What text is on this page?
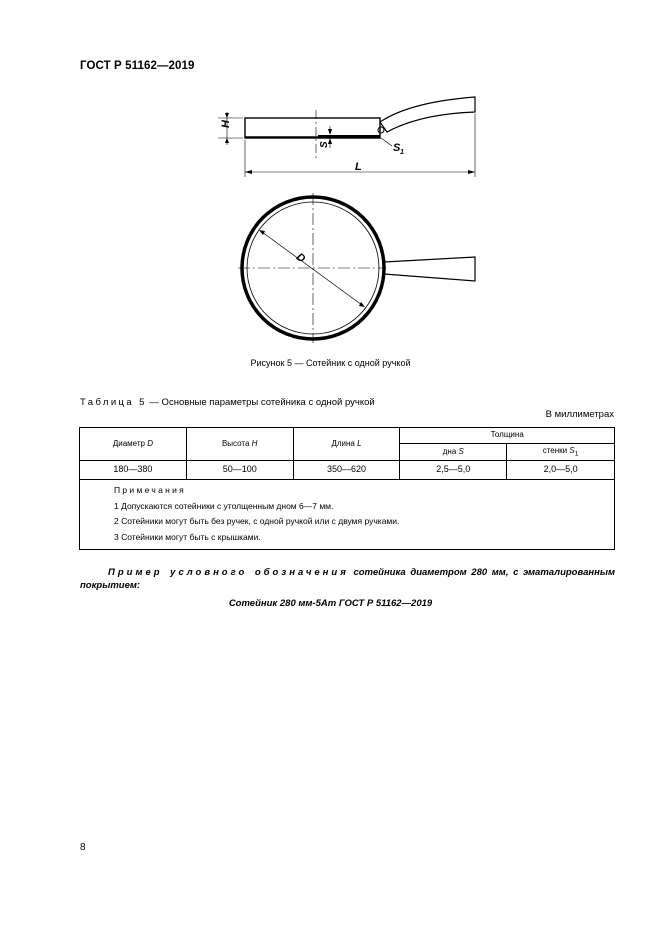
ГОСТ Р 51162—2019
H
S	S 1
L
D
Рисунок 5 — Сотейник с одной ручкой
Таблица 5 — Основные параметры сотейника с одной ручкой
В миллиметрах
Диаметр D	Высота H	Длина L	Толщина	
			дна S	стенки $S_1$
180—380	50—100	350—620	2,5—5,0	2,0—5,0

Примечания
1 Допускаются сотейники с утолщенным дном 6—7 мм.
2 Сотейники могут быть без ручек, с одной ручкой или с двумя ручками.
3 Сотейники могут быть с крышками.				
Пример условного обозначения сотейника диаметром 280 мм, с эматалированным покрытием:
Сотейник 280 мм-5Ат ГОСТ Р 51162—2019
8
